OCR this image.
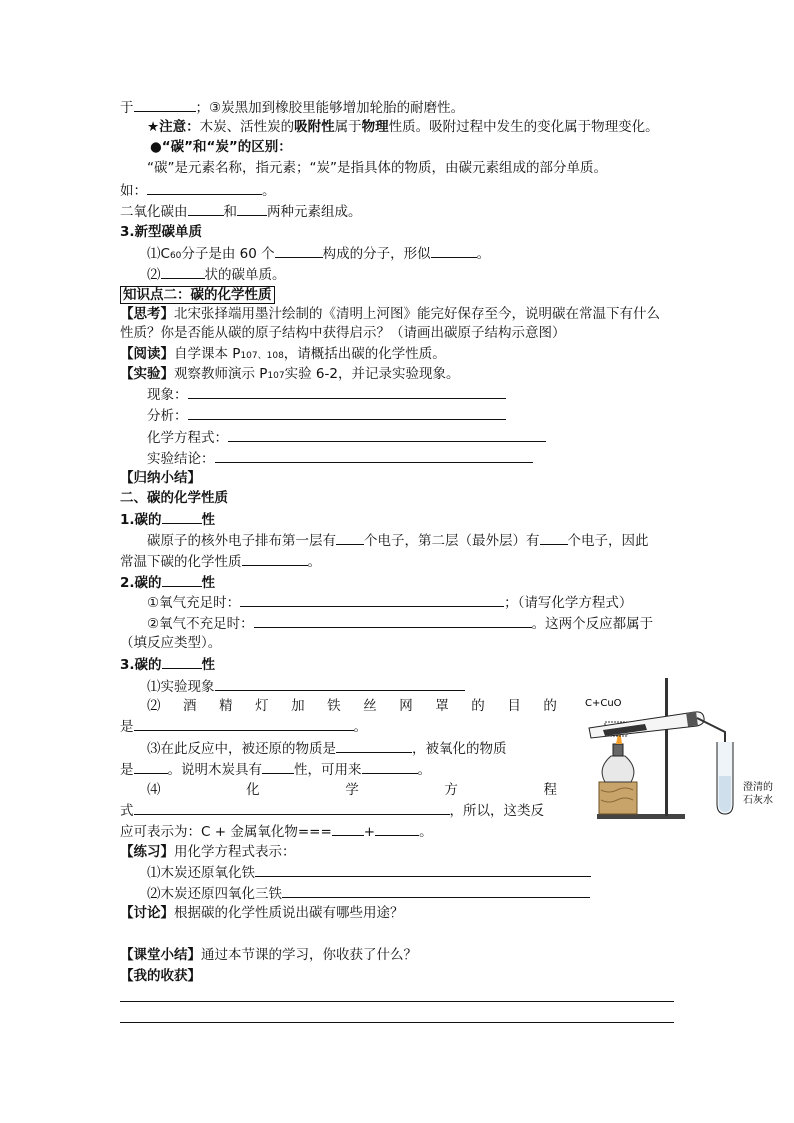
于	；③炭黑加到橡胶里能够增加轮胎的耐磨性。
★注意：木炭、活性炭的吸附性属于物理性质。吸附过程中发生的变化属于物理变化。
●“碳”和“炭”的区别：
“碳”是元素名称，指元素；“炭”是指具体的物质，由碳元素组成的部分单质。
如：	。
二氧化碳由	和 两种元素组成。
3.新型碳单质
⑴C60分子是由 60 个	构成的分子，形似	。
⑵	状的碳单质。
知识点二：碳的化学性质
【思考】北宋张择端用墨汁绘制的《清明上河图》能完好保存至今，说明碳在常温下有什么
性质？你是否能从碳的原子结构中获得启示？（请画出碳原子结构示意图）
【阅读】自学课本 P107、108，请概括出碳的化学性质。
【实验】观察教师演示 P107实验 6-2，并记录实验现象。
现象：
分析：
化学方程式：
实验结论：
【归纳小结】
二、碳的化学性质
1.碳的	性
碳原子的核外电子排布第一层有 个电子，第二层（最外层）有 个电子，因此
常温下碳的化学性质	。
2.碳的	性
①氧气充足时：	；（请写化学方程式）
②氧气不充足时：	。这两个反应都属于
（填反应类型）。
3.碳的	性
⑴实验现象
⑵ 酒 精 灯 加 铁 丝 网 罩 的 目 的
是	。
⑶在此反应中，被还原的物质是	，被氧化的物质
是	。说明木炭具有 性，可用来	。
⑷	化	学	方	程
式	，所以，这类反
应可表示为：C + 金属氧化物=== +	。
【练习】用化学方程式表示：
⑴木炭还原氧化铁
⑵木炭还原四氧化三铁
【讨论】根据碳的化学性质说出碳有哪些用途？
【课堂小结】通过本节课的学习，你收获了什么？
【我的收获】
C+CuO
澄清的
石灰水
